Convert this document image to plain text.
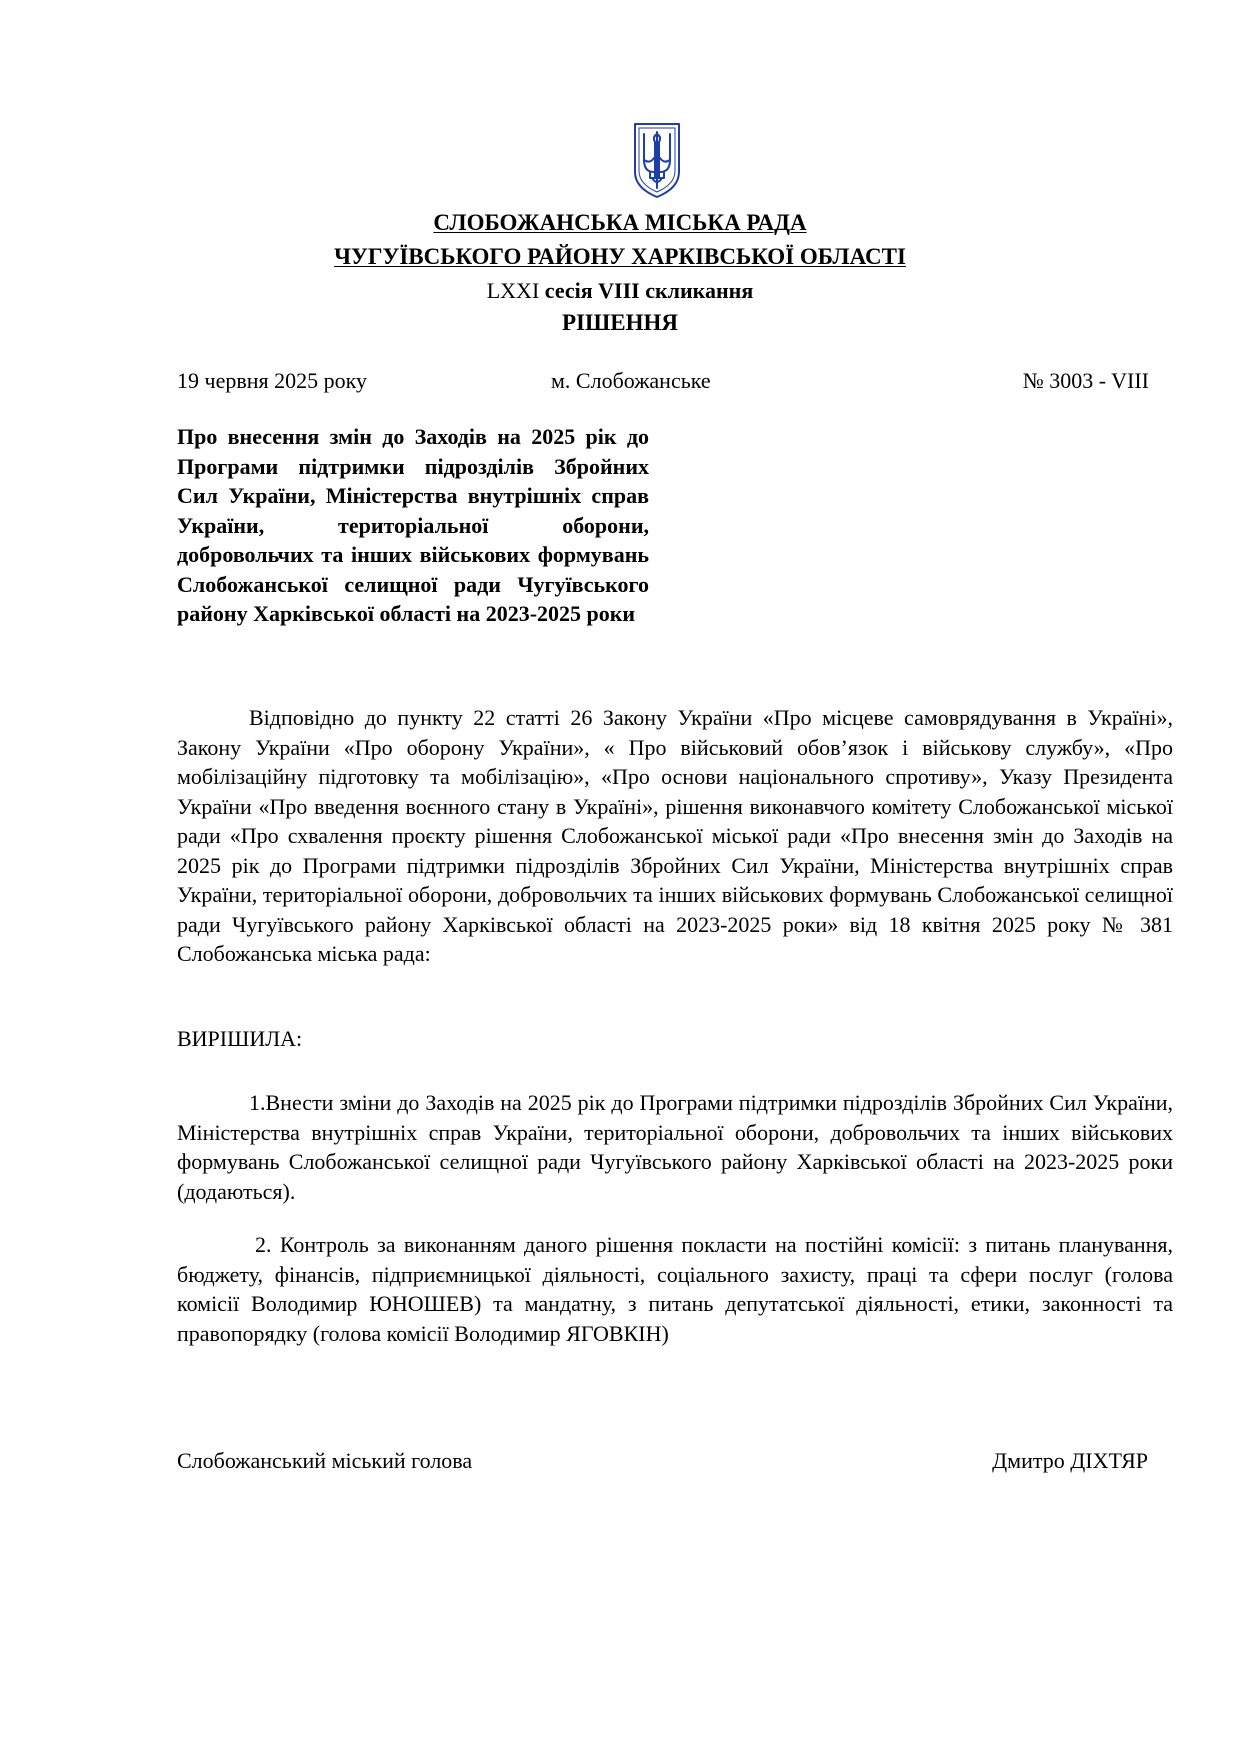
СЛОБОЖАНСЬКА МІСЬКА РАДА
ЧУГУЇВСЬКОГО РАЙОНУ ХАРКІВСЬКОЇ ОБЛАСТІ
LXXI сесія VIII скликання
РІШЕННЯ
19 червня 2025 року	м. Слобожанське	№ 3003 - VIII
Про внесення змін до Заходів на 2025 рік до Програми підтримки підрозділів Збройних Сил України, Міністерства внутрішніх справ України, територіальної оборони, добровольчих та інших військових формувань Слобожанської селищної ради Чугуївського району Харківської області на 2023-2025 роки
Відповідно до пункту 22 статті 26 Закону України «Про місцеве самоврядування в Україні», Закону України «Про оборону України», « Про військовий обов’язок і військову службу», «Про мобілізаційну підготовку та мобілізацію», «Про основи національного спротиву», Указу Президента України «Про введення воєнного стану в Україні», рішення виконавчого комітету Слобожанської міської ради «Про схвалення проєкту рішення Слобожанської міської ради «Про внесення змін до Заходів на 2025 рік до Програми підтримки підрозділів Збройних Сил України, Міністерства внутрішніх справ України, територіальної оборони, добровольчих та інших військових формувань Слобожанської селищної ради Чугуївського району Харківської області на 2023-2025 роки» від 18 квітня 2025 року № 381 Слобожанська міська рада:
ВИРІШИЛА:
1.Внести зміни до Заходів на 2025 рік до Програми підтримки підрозділів Збройних Сил України, Міністерства внутрішніх справ України, територіальної оборони, добровольчих та інших військових формувань Слобожанської селищної ради Чугуївського району Харківської області на 2023-2025 роки (додаються).
2. Контроль за виконанням даного рішення покласти на постійні комісії: з питань планування, бюджету, фінансів, підприємницької діяльності, соціального захисту, праці та сфери послуг (голова комісії Володимир ЮНОШЕВ) та мандатну, з питань депутатської діяльності, етики, законності та правопорядку (голова комісії Володимир ЯГОВКІН)
Слобожанський міський голова	Дмитро ДІХТЯР
